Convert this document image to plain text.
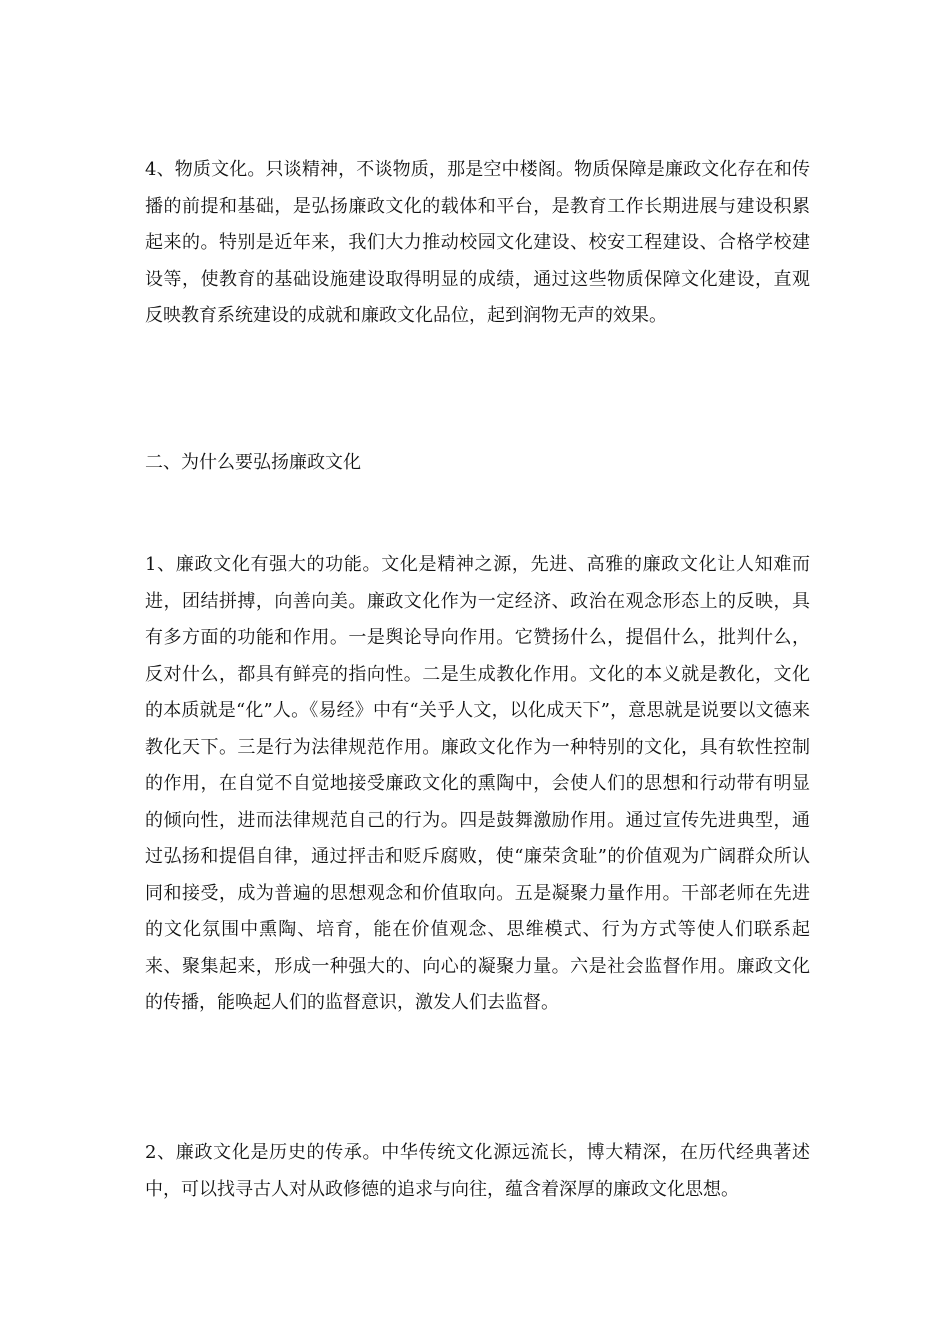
4、物质文化。只谈精神，不谈物质，那是空中楼阁。物质保障是廉政文化存在和传播的前提和基础，是弘扬廉政文化的载体和平台，是教育工作长期进展与建设积累起来的。特别是近年来，我们大力推动校园文化建设、校安工程建设、合格学校建设等，使教育的基础设施建设取得明显的成绩，通过这些物质保障文化建设，直观反映教育系统建设的成就和廉政文化品位，起到润物无声的效果。

二、为什么要弘扬廉政文化

1、廉政文化有强大的功能。文化是精神之源，先进、高雅的廉政文化让人知难而进，团结拼搏，向善向美。廉政文化作为一定经济、政治在观念形态上的反映，具有多方面的功能和作用。一是舆论导向作用。它赞扬什么，提倡什么，批判什么，反对什么，都具有鲜亮的指向性。二是生成教化作用。文化的本义就是教化，文化的本质就是“化”人。《易经》中有“关乎人文，以化成天下”，意思就是说要以文德来教化天下。三是行为法律规范作用。廉政文化作为一种特别的文化，具有软性控制的作用，在自觉不自觉地接受廉政文化的熏陶中，会使人们的思想和行动带有明显的倾向性，进而法律规范自己的行为。四是鼓舞激励作用。通过宣传先进典型，通过弘扬和提倡自律，通过抨击和贬斥腐败，使“廉荣贪耻”的价值观为广阔群众所认同和接受，成为普遍的思想观念和价值取向。五是凝聚力量作用。干部老师在先进的文化氛围中熏陶、培育，能在价值观念、思维模式、行为方式等使人们联系起来、聚集起来，形成一种强大的、向心的凝聚力量。六是社会监督作用。廉政文化的传播，能唤起人们的监督意识，激发人们去监督。

2、廉政文化是历史的传承。中华传统文化源远流长，博大精深，在历代经典著述中，可以找寻古人对从政修德的追求与向往，蕴含着深厚的廉政文化思想。
